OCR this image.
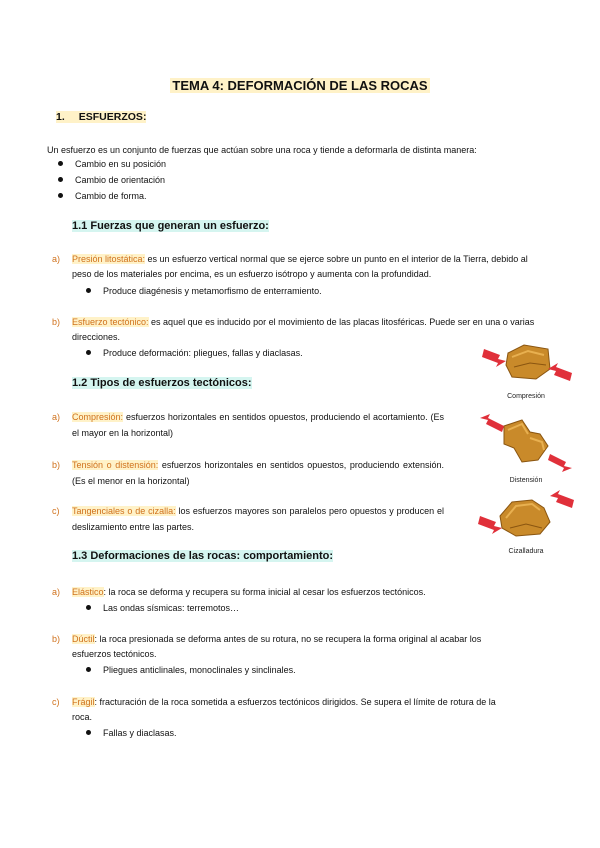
TEMA 4: DEFORMACIÓN DE LAS ROCAS
1. ESFUERZOS:
Un esfuerzo es un conjunto de fuerzas que actúan sobre una roca y tiende a deformarla de distinta manera:
Cambio en su posición
Cambio de orientación
Cambio de forma.
1.1 Fuerzas que generan un esfuerzo:
a) Presión litostática: es un esfuerzo vertical normal que se ejerce sobre un punto en el interior de la Tierra, debido al
peso de los materiales por encima, es un esfuerzo isótropo y aumenta con la profundidad.
Produce diagénesis y metamorfismo de enterramiento.
b) Esfuerzo tectónico: es aquel que es inducido por el movimiento de las placas litosféricas. Puede ser en una o varias
direcciones.
Produce deformación: pliegues, fallas y diaclasas.
1.2 Tipos de esfuerzos tectónicos:
a) Compresión: esfuerzos horizontales en sentidos opuestos, produciendo el acortamiento. (Es el mayor en la horizontal)
b) Tensión o distensión: esfuerzos horizontales en sentidos opuestos, produciendo extensión. (Es el menor en la horizontal)
c) Tangenciales o de cizalla: los esfuerzos mayores son paralelos pero opuestos y producen el deslizamiento entre las partes.
Compresión
Distensión
Cizalladura
1.3 Deformaciones de las rocas: comportamiento:
a) Elástico: la roca se deforma y recupera su forma inicial al cesar los esfuerzos tectónicos.
Las ondas sísmicas: terremotos…
b) Dúctil: la roca presionada se deforma antes de su rotura, no se recupera la forma original al acabar los
esfuerzos tectónicos.
Pliegues anticlinales, monoclinales y sinclinales.
c) Frágil: fracturación de la roca sometida a esfuerzos tectónicos dirigidos. Se supera el límite de rotura de la
roca.
Fallas y diaclasas.
